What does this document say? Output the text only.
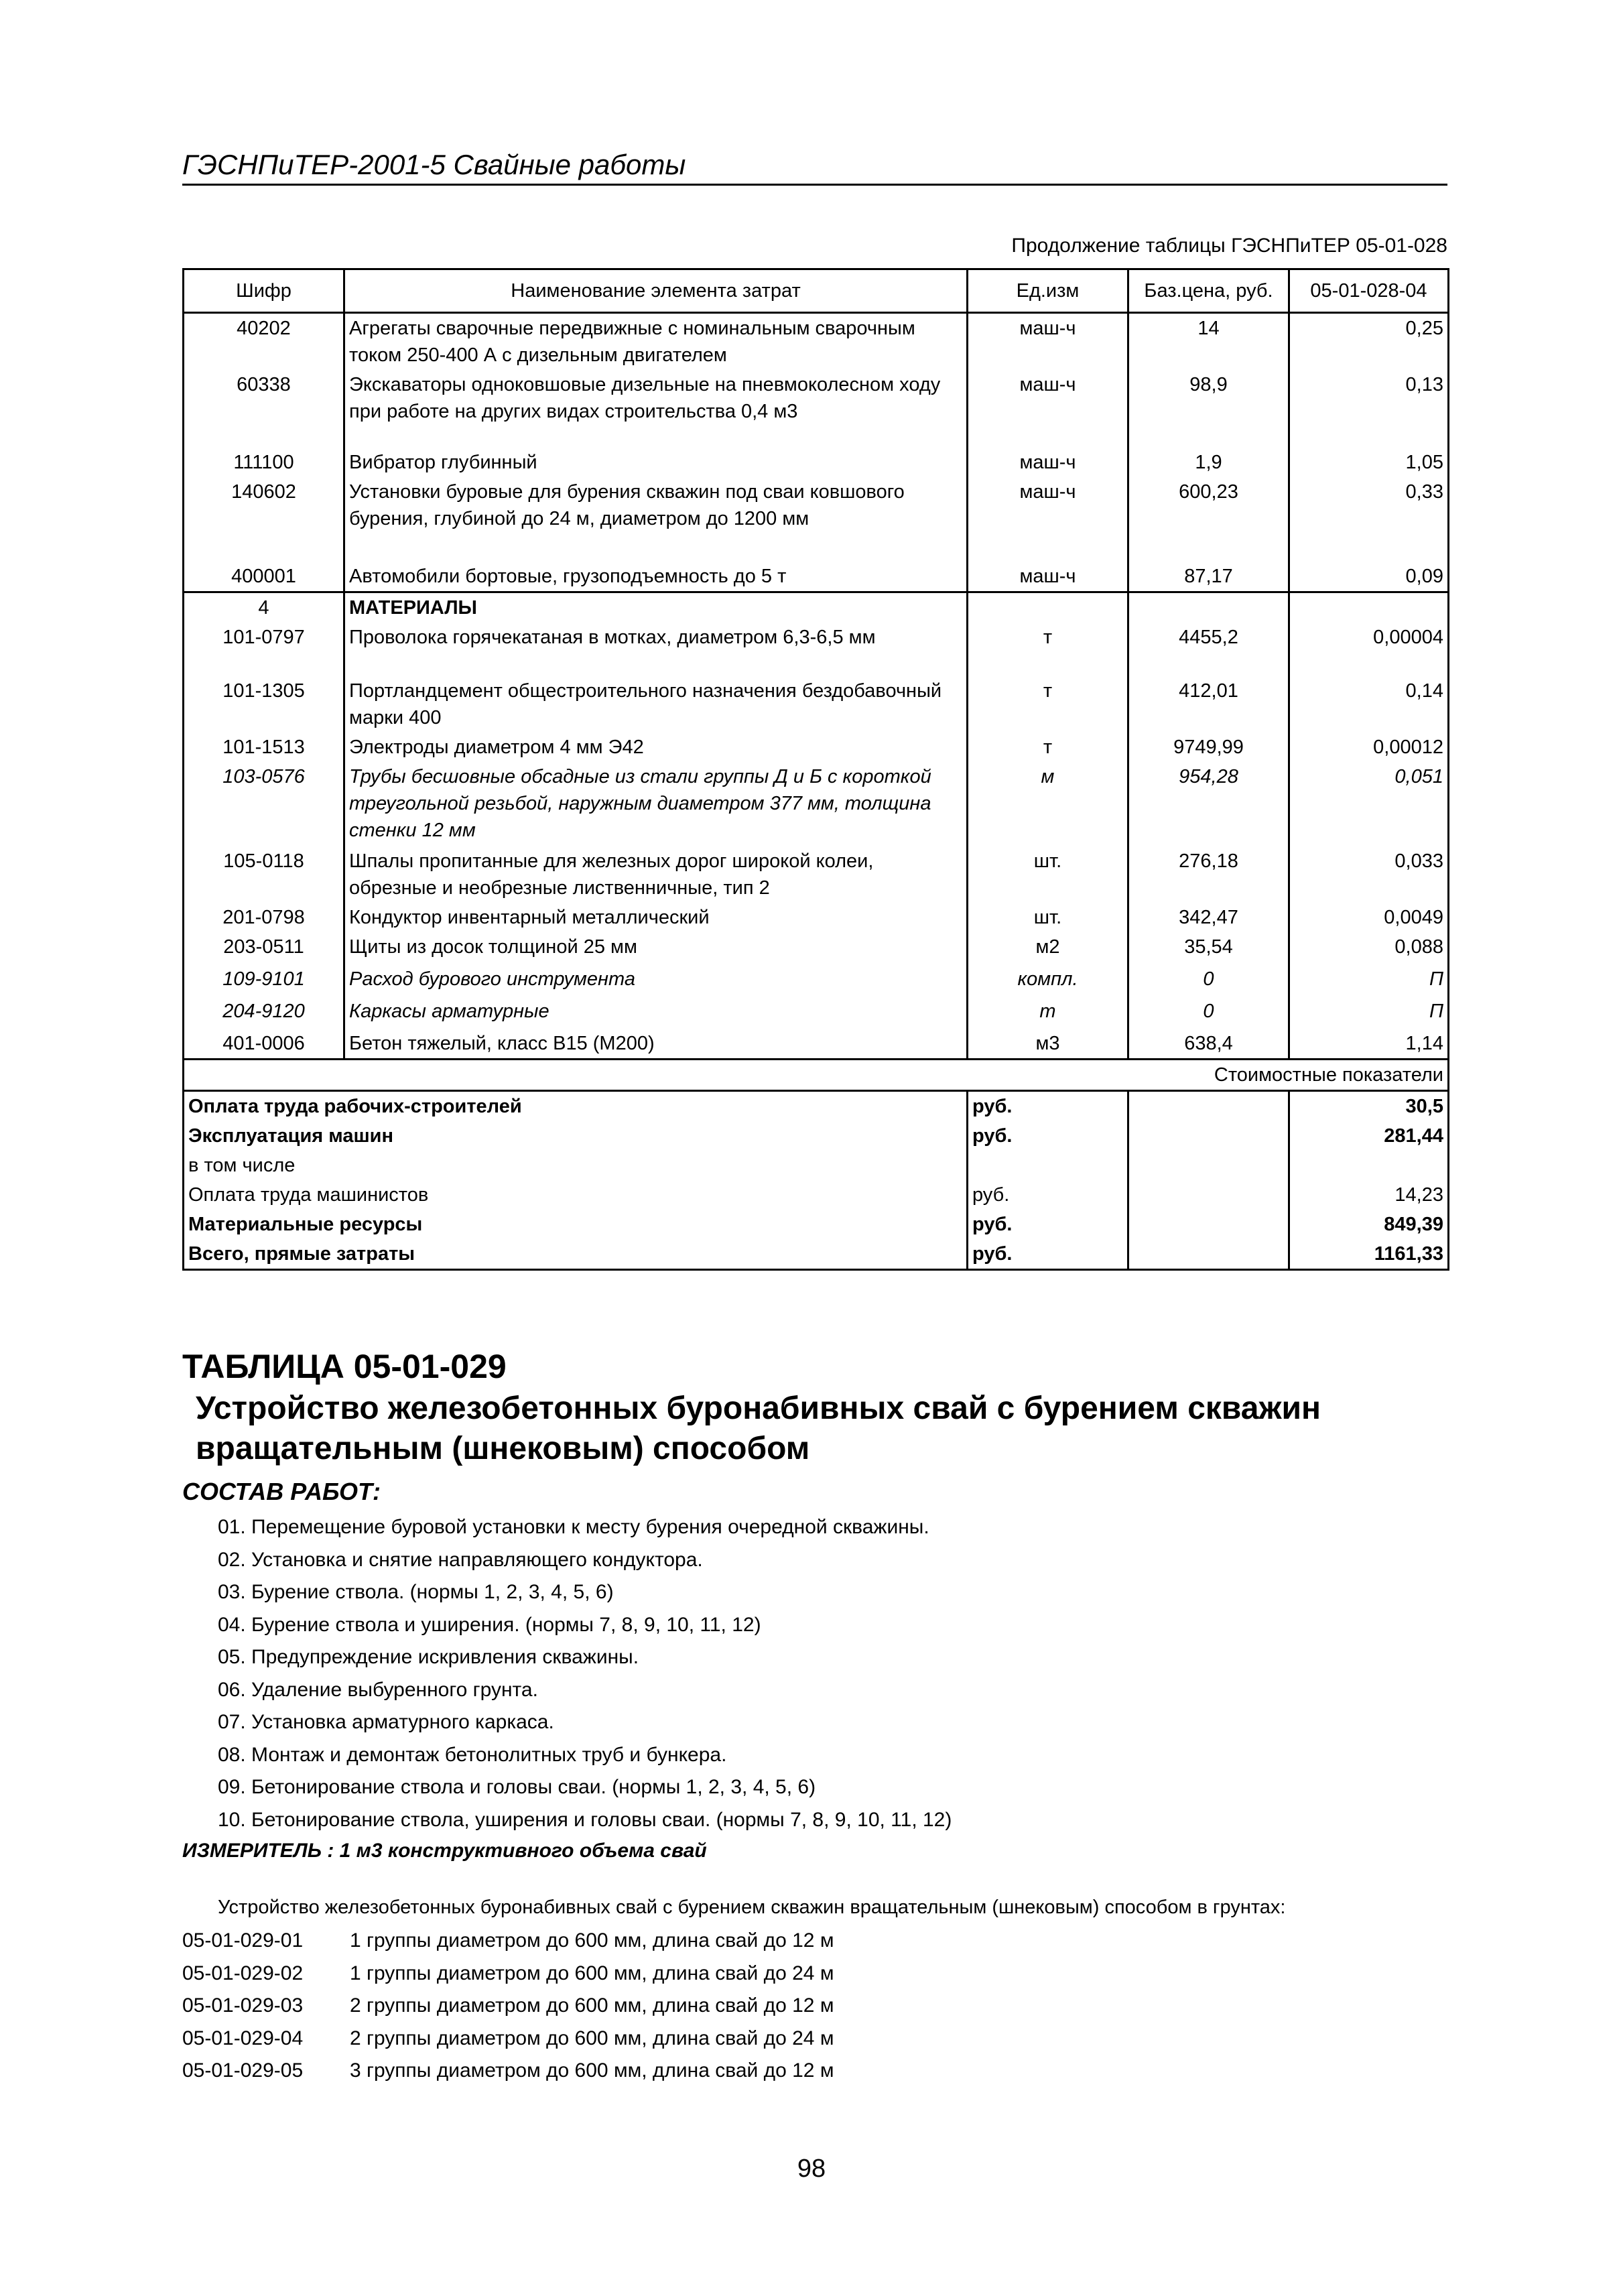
ГЭСНПиТЕР-2001-5 Свайные работы
Продолжение таблицы ГЭСНПиТЕР 05-01-028
Шифр	Наименование элемента затрат	Ед.изм	Баз.цена, руб.	05-01-028-04
40202	Агрегаты сварочные передвижные с номинальным сварочным током 250-400 А с дизельным двигателем	маш-ч	14	0,25
60338	Экскаваторы одноковшовые дизельные на пневмоколесном ходу при работе на других видах строительства 0,4 м3	маш-ч	98,9	0,13
111100	Вибратор глубинный	маш-ч	1,9	1,05
140602	Установки буровые для бурения скважин под сваи ковшового бурения, глубиной до 24 м, диаметром до 1200 мм	маш-ч	600,23	0,33
400001	Автомобили бортовые, грузоподъемность до 5 т	маш-ч	87,17	0,09
4	МАТЕРИАЛЫ			
101-0797	Проволока горячекатаная в мотках, диаметром 6,3-6,5 мм	т	4455,2	0,00004
101-1305	Портландцемент общестроительного назначения бездобавочный марки 400	т	412,01	0,14
101-1513	Электроды диаметром 4 мм Э42	т	9749,99	0,00012
103-0576	Трубы бесшовные обсадные из стали группы Д и Б с короткой треугольной резьбой, наружным диаметром 377 мм, толщина стенки 12 мм	м	954,28	0,051
105-0118	Шпалы пропитанные для железных дорог широкой колеи, обрезные и необрезные лиственничные, тип 2	шт.	276,18	0,033
201-0798	Кондуктор инвентарный металлический	шт.	342,47	0,0049
203-0511	Щиты из досок толщиной 25 мм	м2	35,54	0,088
109-9101	Расход бурового инструмента	компл.	0	П
204-9120	Каркасы арматурные	т	0	П
401-0006	Бетон тяжелый, класс В15 (М200)	м3	638,4	1,14
Стоимостные показатели				
Оплата труда рабочих-строителей		руб.		30,5
Эксплуатация машин		руб.		281,44
в том числе				
Оплата труда машинистов		руб.		14,23
Материальные ресурсы		руб.		849,39
Всего, прямые затраты		руб.		1161,33
ТАБЛИЦА 05-01-029
Устройство железобетонных буронабивных свай с бурением скважин вращательным (шнековым) способом
СОСТАВ РАБОТ:
01. Перемещение буровой установки к месту бурения очередной скважины.
02. Установка и снятие направляющего кондуктора.
03. Бурение ствола. (нормы 1, 2, 3, 4, 5, 6)
04. Бурение ствола и уширения. (нормы 7, 8, 9, 10, 11, 12)
05. Предупреждение искривления скважины.
06. Удаление выбуренного грунта.
07. Установка арматурного каркаса.
08. Монтаж и демонтаж бетонолитных труб и бункера.
09. Бетонирование ствола и головы сваи. (нормы 1, 2, 3, 4, 5, 6)
10. Бетонирование ствола, уширения и головы сваи. (нормы 7, 8, 9, 10, 11, 12)
ИЗМЕРИТЕЛЬ : 1 м3 конструктивного объема свай
Устройство железобетонных буронабивных свай с бурением скважин вращательным (шнековым) способом в грунтах:
05-01-029-01	1 группы диаметром до 600 мм, длина свай до 12 м
05-01-029-02	1 группы диаметром до 600 мм, длина свай до 24 м
05-01-029-03	2 группы диаметром до 600 мм, длина свай до 12 м
05-01-029-04	2 группы диаметром до 600 мм, длина свай до 24 м
05-01-029-05	3 группы диаметром до 600 мм, длина свай до 12 м
98
